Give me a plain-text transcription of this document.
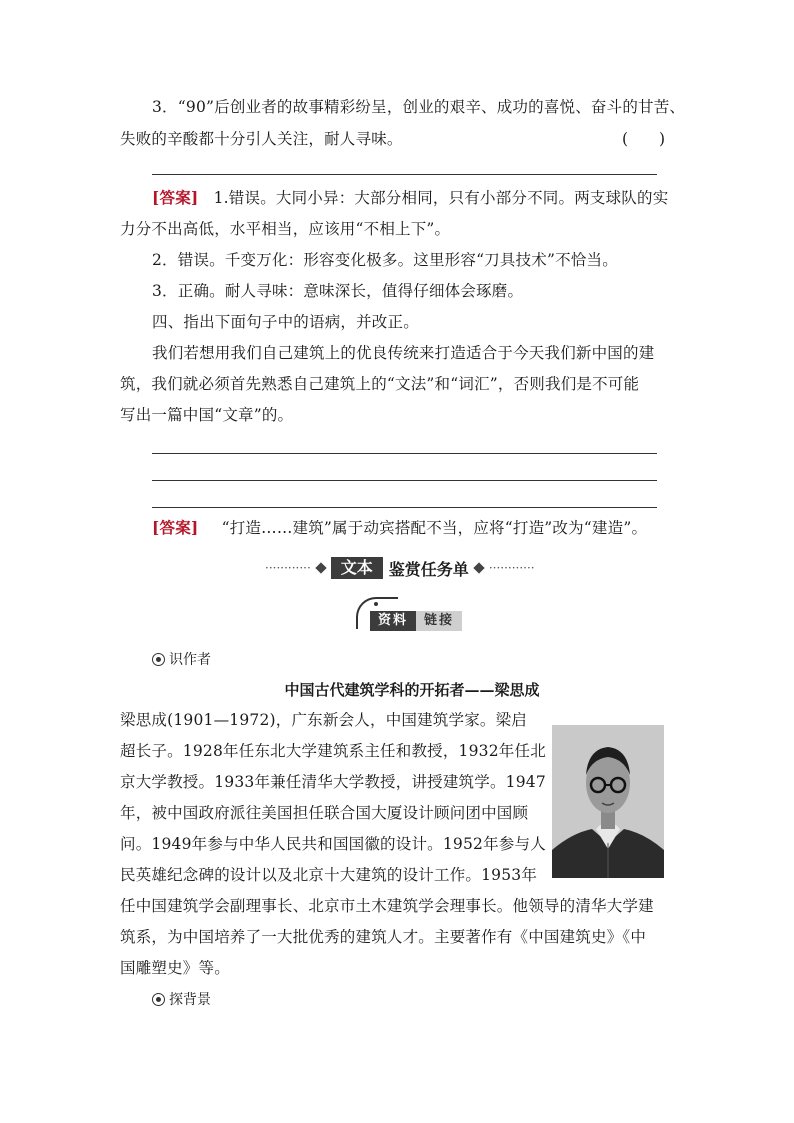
3．“90”后创业者的故事精彩纷呈，创业的艰辛、成功的喜悦、奋斗的甘苦、
失败的辛酸都十分引人关注，耐人寻味。	(　　)
[答案] 1.错误。大同小异：大部分相同，只有小部分不同。两支球队的实
力分不出高低，水平相当，应该用“不相上下”。
2．错误。千变万化：形容变化极多。这里形容“刀具技术”不恰当。
3．正确。耐人寻味：意味深长，值得仔细体会琢磨。
四、指出下面句子中的语病，并改正。
我们若想用我们自己建筑上的优良传统来打造适合于今天我们新中国的建
筑，我们就必须首先熟悉自己建筑上的“文法”和“词汇”，否则我们是不可能
写出一篇中国“文章”的。
[答案] “打造……建筑”属于动宾搭配不当，应将“打造”改为“建造”。
············	文本	鉴赏任务单 ············
资料	链接
识作者
中国古代建筑学科的开拓者——梁思成
梁思成(1901—1972)，广东新会人，中国建筑学家。梁启
超长子。1928年任东北大学建筑系主任和教授，1932年任北
京大学教授。1933年兼任清华大学教授，讲授建筑学。1947
年，被中国政府派往美国担任联合国大厦设计顾问团中国顾
问。1949年参与中华人民共和国国徽的设计。1952年参与人
民英雄纪念碑的设计以及北京十大建筑的设计工作。1953年
任中国建筑学会副理事长、北京市土木建筑学会理事长。他领导的清华大学建
筑系，为中国培养了一大批优秀的建筑人才。主要著作有《中国建筑史》《中
国雕塑史》等。
探背景
